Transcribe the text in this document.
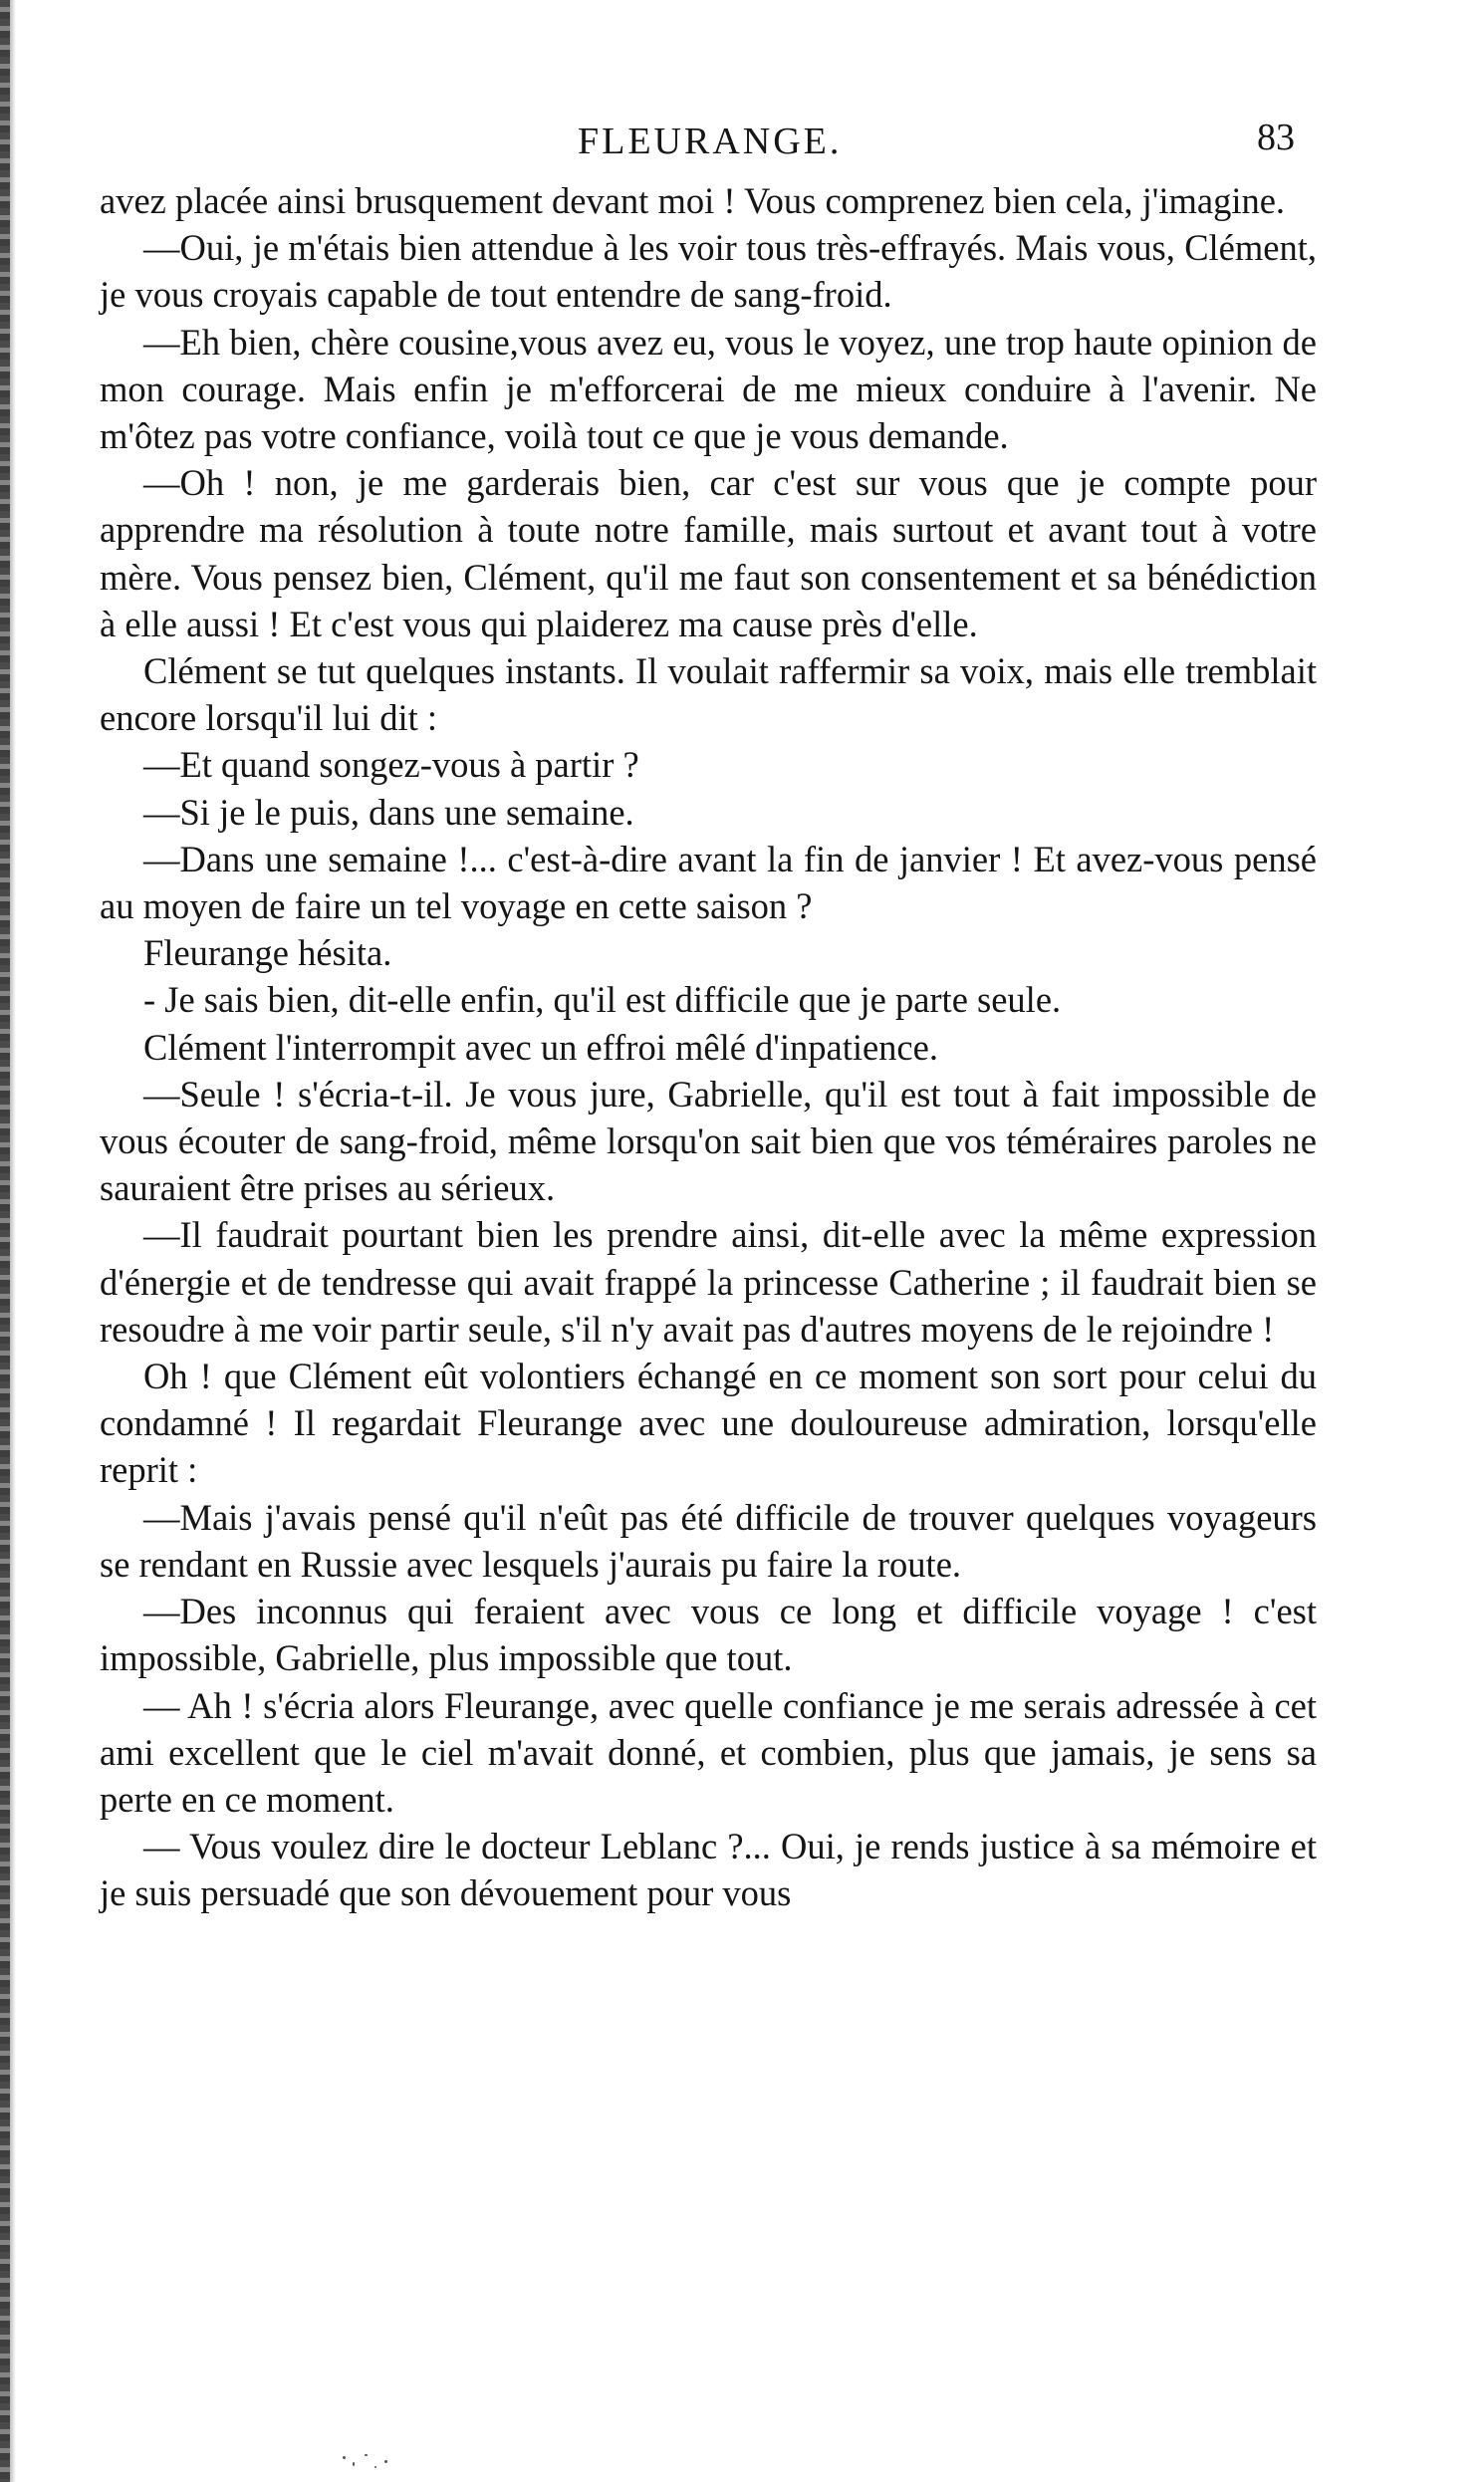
FLEURANGE.	83

avez placée ainsi brusquement devant moi ! Vous comprenez bien cela, j'imagine.

—Oui, je m'étais bien attendue à les voir tous très-effrayés. Mais vous, Clément, je vous croyais capable de tout entendre de sang-froid.

—Eh bien, chère cousine,vous avez eu, vous le voyez, une trop haute opinion de mon courage. Mais enfin je m'efforcerai de me mieux conduire à l'avenir. Ne m'ôtez pas votre confiance, voilà tout ce que je vous demande.

—Oh ! non, je me garderais bien, car c'est sur vous que je compte pour apprendre ma résolution à toute notre famille, mais surtout et avant tout à votre mère. Vous pensez bien, Clément, qu'il me faut son consentement et sa bénédiction à elle aussi ! Et c'est vous qui plaiderez ma cause près d'elle.

Clément se tut quelques instants. Il voulait raffermir sa voix, mais elle tremblait encore lorsqu'il lui dit :

—Et quand songez-vous à partir ?

—Si je le puis, dans une semaine.

—Dans une semaine !... c'est-à-dire avant la fin de janvier ! Et avez-vous pensé au moyen de faire un tel voyage en cette saison ?

Fleurange hésita.

- Je sais bien, dit-elle enfin, qu'il est difficile que je parte seule.

Clément l'interrompit avec un effroi mêlé d'inpatience.

—Seule ! s'écria-t-il. Je vous jure, Gabrielle, qu'il est tout à fait impossible de vous écouter de sang-froid, même lorsqu'on sait bien que vos téméraires paroles ne sauraient être prises au sérieux.

—Il faudrait pourtant bien les prendre ainsi, dit-elle avec la même expression d'énergie et de tendresse qui avait frappé la princesse Catherine ; il faudrait bien se resoudre à me voir partir seule, s'il n'y avait pas d'autres moyens de le rejoindre !

Oh ! que Clément eût volontiers échangé en ce moment son sort pour celui du condamné ! Il regardait Fleurange avec une douloureuse admiration, lorsqu'elle reprit :

—Mais j'avais pensé qu'il n'eût pas été difficile de trouver quelques voyageurs se rendant en Russie avec lesquels j'aurais pu faire la route.

—Des inconnus qui feraient avec vous ce long et difficile voyage ! c'est impossible, Gabrielle, plus impossible que tout.

— Ah ! s'écria alors Fleurange, avec quelle confiance je me serais adressée à cet ami excellent que le ciel m'avait donné, et combien, plus que jamais, je sens sa perte en ce moment.

— Vous voulez dire le docteur Leblanc ?... Oui, je rends justice à sa mémoire et je suis persuadé que son dévouement pour vous
